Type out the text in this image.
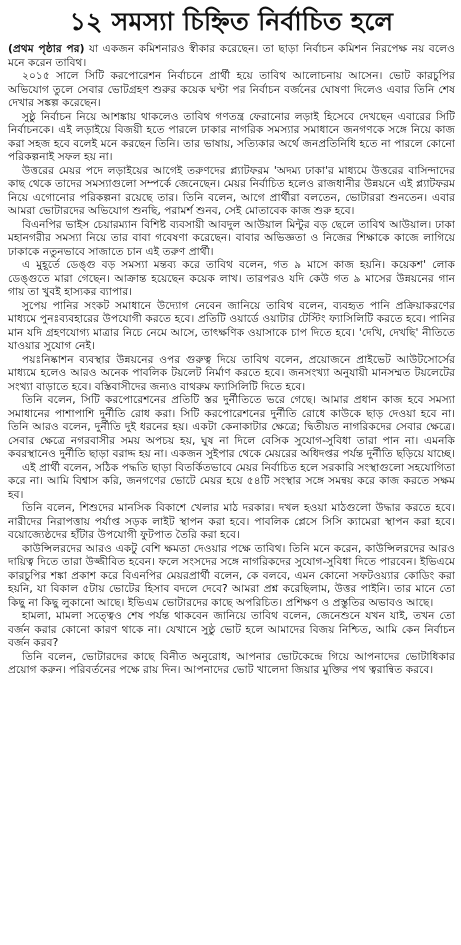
১২ সমস্যা চিহ্নিত নির্বাচিত হলে

(প্রথম পৃষ্ঠার পর) যা একজন কমিশনারও স্বীকার করেছেন। তা ছাড়া নির্বাচন কমিশন নিরপেক্ষ নয় বলেও মনে করেন তাবিথ।

২০১৫ সালে সিটি করপোরেশন নির্বাচনে প্রার্থী হয়ে তাবিথ আলোচনায় আসেন। ভোট কারচুপির অভিযোগ তুলে সেবার ভোটগ্রহণ শুরুর কয়েক ঘণ্টা পর নির্বাচন বর্জনের ঘোষণা দিলেও এবার তিনি শেষ দেখার সঙ্কল্প করেছেন।

সুষ্ঠু নির্বাচন নিয়ে আশঙ্কায় থাকলেও তাবিথ গণতন্ত্র ফেরানোর লড়াই হিসেবে দেখছেন এবারের সিটি নির্বাচনকে। এই লড়াইয়ে বিজয়ী হতে পারলে ঢাকার নাগরিক সমস্যার সমাধানে জনগণকে সঙ্গে নিয়ে কাজ করা সহজ হবে বলেই মনে করছেন তিনি। তার ভাষায়, সত্যিকার অর্থে জনপ্রতিনিধি হতে না পারলে কোনো পরিকল্পনাই সফল হয় না।

উত্তরের মেয়র পদে লড়াইয়ের আগেই তরুণদের প্ল্যাটফরম 'অদম্য ঢাকা'র মাধ্যমে উত্তরের বাসিন্দাদের কাছ থেকে তাদের সমস্যাগুলো সম্পর্কে জেনেছেন। মেয়র নির্বাচিত হলেও রাজধানীর উন্নয়নে এই প্ল্যাটফরম নিয়ে এগোনোর পরিকল্পনা রয়েছে তার। তিনি বলেন, আগে প্রার্থীরা বলতেন, ভোটাররা শুনতেন। এবার আমরা ভোটারদের অভিযোগ শুনছি, পরামর্শ শুনব, সেই মোতাবেক কাজ শুরু হবে।

বিএনপির ভাইস চেয়ারম্যান বিশিষ্ট ব্যবসায়ী আবদুল আউয়াল মিন্টুর বড় ছেলে তাবিথ আউয়াল। ঢাকা মহানগরীর সমস্যা নিয়ে তার বাবা গবেষণা করেছেন। বাবার অভিজ্ঞতা ও নিজের শিক্ষাকে কাজে লাগিয়ে ঢাকাকে নতুনভাবে সাজাতে চান এই তরুণ প্রার্থী।

এ মুহূর্তে ডেঙ্গু বড় সমস্যা মন্তব্য করে তাবিথ বলেন, গত ৯ মাসে কাজ হয়নি। কয়েকশ' লোক ডেঙ্গুতে মারা গেছেন। আক্রান্ত হয়েছেন কয়েক লাখ। তারপরও যদি কেউ গত ৯ মাসের উন্নয়নের গান গায় তা খুবই হাস্যকর ব্যাপার।

সুপেয় পানির সংকট সমাধানে উদ্যোগ নেবেন জানিয়ে তাবিথ বলেন, ব্যবহৃত পানি প্রক্রিয়াকরণের মাধ্যমে পুনঃব্যবহারের উপযোগী করতে হবে। প্রতিটি ওয়ার্ডে ওয়াটার টেস্টিং ফ্যাসিলিটি করতে হবে। পানির মান যদি গ্রহণযোগ্য মাত্রার নিচে নেমে আসে, তাৎক্ষণিক ওয়াসাকে চাপ দিতে হবে। 'দেখি, দেখছি' নীতিতে যাওয়ার সুযোগ নেই।

পয়ঃনিষ্কাশন ব্যবস্থার উন্নয়নের ওপর গুরুত্ব দিয়ে তাবিথ বলেন, প্রয়োজনে প্রাইভেট আউটসোর্সের মাধ্যমে হলেও আরও অনেক পাবলিক টয়লেট নির্মাণ করতে হবে। জনসংখ্যা অনুযায়ী মানসম্মত টয়লেটের সংখ্যা বাড়াতে হবে। বস্তিবাসীদের জন্যও বাথরুম ফ্যাসিলিটি দিতে হবে।

তিনি বলেন, সিটি করপোরেশনের প্রতিটি স্তর দুর্নীতিতে ভরে গেছে। আমার প্রধান কাজ হবে সমস্যা সমাধানের পাশাপাশি দুর্নীতি রোধ করা। সিটি করপোরেশনের দুর্নীতি রোধে কাউকে ছাড় দেওয়া হবে না। তিনি আরও বলেন, দুর্নীতি দুই ধরনের হয়। একটা কেনাকাটার ক্ষেত্রে; দ্বিতীয়ত নাগরিকদের সেবার ক্ষেত্রে। সেবার ক্ষেত্রে নগরবাসীর সময় অপচয় হয়, ঘুষ না দিলে বেসিক সুযোগ-সুবিধা তারা পান না। এমনকি কবরস্থানেও দুর্নীতি ছাড়া বরাদ্দ হয় না। একজন সুইপার থেকে মেয়রের অধিদপ্তর পর্যন্ত দুর্নীতি ছড়িয়ে যাচ্ছে।

এই প্রার্থী বলেন, সঠিক পদ্ধতি ছাড়া বিতর্কিতভাবে মেয়র নির্বাচিত হলে সরকারি সংস্থাগুলো সহযোগিতা করে না। আমি বিশ্বাস করি, জনগণের ভোটে মেয়র হয়ে ৫৪টি সংস্থার সঙ্গে সমন্বয় করে কাজ করতে সক্ষম হব।

তিনি বলেন, শিশুদের মানসিক বিকাশে খেলার মাঠ দরকার। দখল হওয়া মাঠগুলো উদ্ধার করতে হবে। নারীদের নিরাপত্তায় পর্যাপ্ত সড়ক লাইট স্থাপন করা হবে। পাবলিক প্লেসে সিসি ক্যামেরা স্থাপন করা হবে। বয়োজ্যেষ্ঠদের হাঁটার উপযোগী ফুটপাত তৈরি করা হবে।

কাউন্সিলরদের আরও একটু বেশি ক্ষমতা দেওয়ার পক্ষে তাবিথ। তিনি মনে করেন, কাউন্সিলরদের আরও দায়িত্ব দিতে তারা উজ্জীবিত হবেন। ফলে সংসদের সঙ্গে নাগরিকদের সুযোগ-সুবিধা দিতে পারবেন। ইভিএমে কারচুপির শঙ্কা প্রকাশ করে বিএনপির মেয়রপ্রার্থী বলেন, কে বলবে, এমন কোনো সফটওয়্যার কোডিং করা হয়নি, যা বিকাল ৫টায় ভোটের হিসাব বদলে দেবে? আমরা প্রশ্ন করেছিলাম, উত্তর পাইনি। তার মানে তো কিছু না কিছু লুকানো আছে। ইভিএম ভোটারদের কাছে অপরিচিত। প্রশিক্ষণ ও প্রস্তুতির অভাবও আছে।

হামলা, মামলা সত্ত্বেও শেষ পর্যন্ত থাকবেন জানিয়ে তাবিথ বলেন, জেনেশুনে যখন যাই, তখন তো বর্জন করার কোনো কারণ থাকে না। যেখানে সুষ্ঠু ভোট হলে আমাদের বিজয় নিশ্চিত, আমি কেন নির্বাচন বর্জন করব?

তিনি বলেন, ভোটারদের কাছে বিনীত অনুরোধ, আপনার ভোটকেন্দ্রে গিয়ে আপনাদের ভোটাধিকার প্রয়োগ করুন। পরিবর্তনের পক্ষে রায় দিন। আপনাদের ভোট খালেদা জিয়ার মুক্তির পথ ত্বরান্বিত করবে।
